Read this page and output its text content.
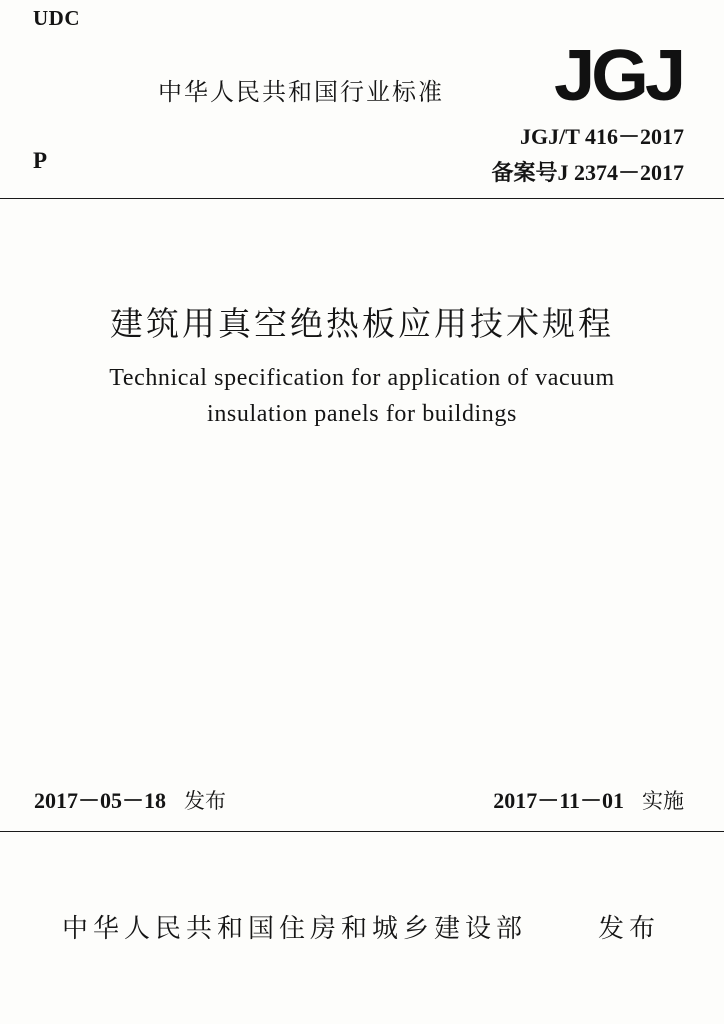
UDC
P
中华人民共和国行业标准 JGJ
JGJ/T 416－2017
备案号J 2374－2017
建筑用真空绝热板应用技术规程
Technical specification for application of vacuum
insulation panels for buildings
2017－05－18 发布	2017－11－01 实施
中华人民共和国住房和城乡建设部	发布
